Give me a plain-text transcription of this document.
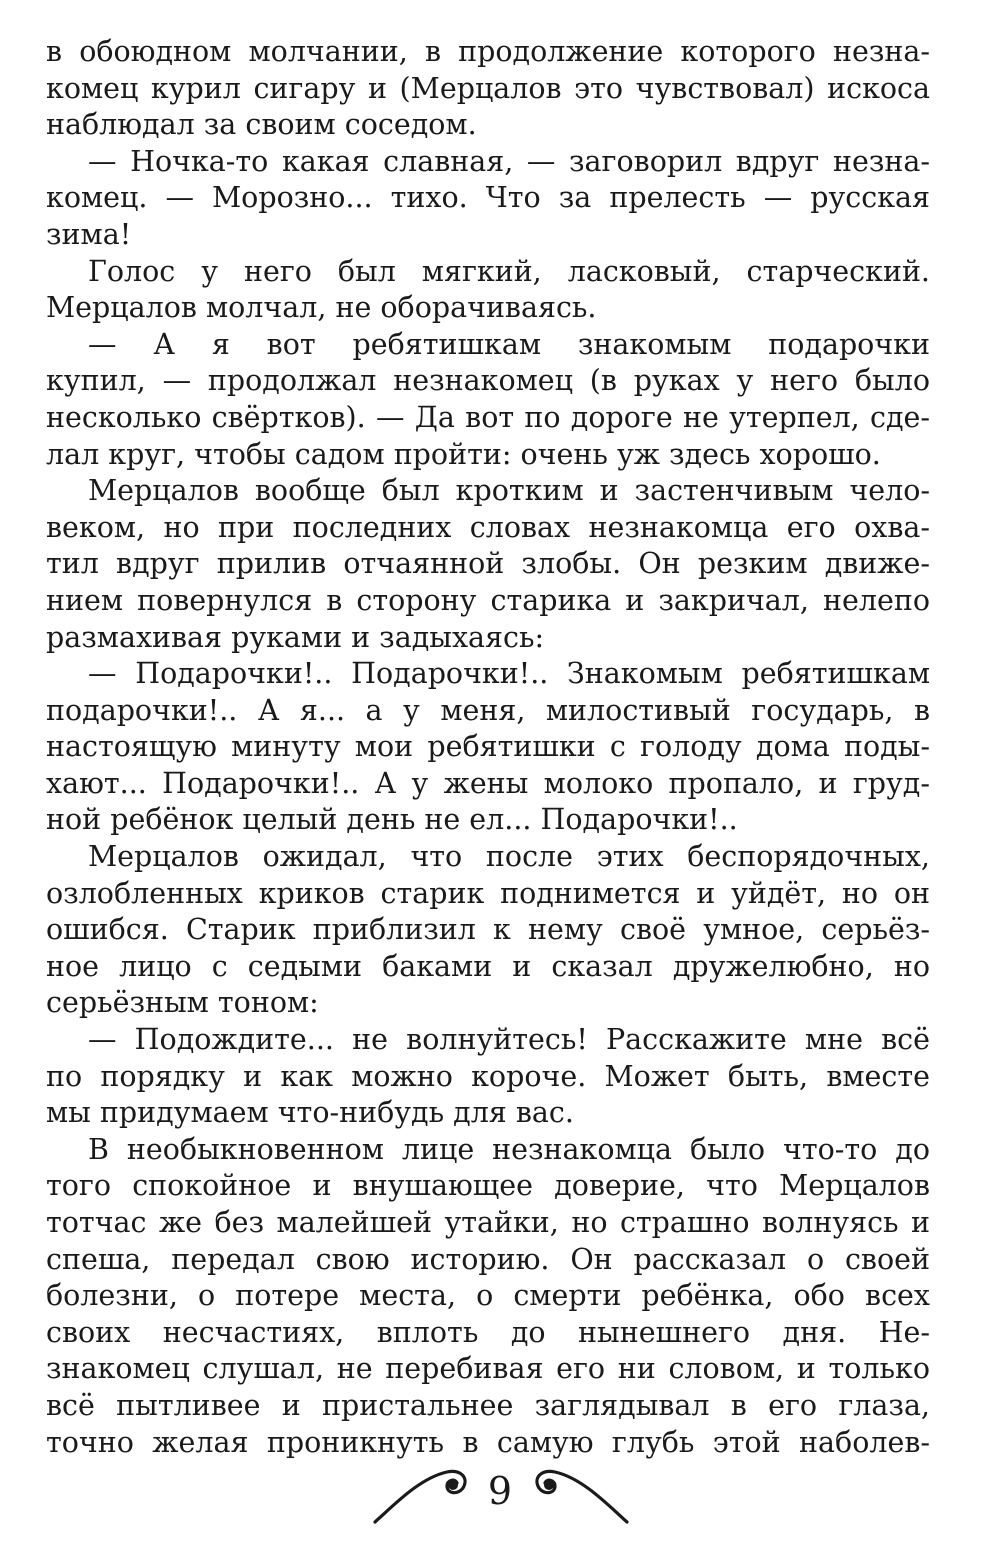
в обоюдном молчании, в продолжение которого незна-
комец курил сигару и (Мерцалов это чувствовал) искоса
наблюдал за своим соседом.
— Ночка-то какая славная, — заговорил вдруг незна-
комец. — Морозно... тихо. Что за прелесть — русская
зима!
Голос у него был мягкий, ласковый, старческий.
Мерцалов молчал, не оборачиваясь.
— А я вот ребятишкам знакомым подарочки
купил, — продолжал незнакомец (в руках у него было
несколько свёртков). — Да вот по дороге не утерпел, сде-
лал круг, чтобы садом пройти: очень уж здесь хорошо.
Мерцалов вообще был кротким и застенчивым чело-
веком, но при последних словах незнакомца его охва-
тил вдруг прилив отчаянной злобы. Он резким движе-
нием повернулся в сторону старика и закричал, нелепо
размахивая руками и задыхаясь:
— Подарочки!.. Подарочки!.. Знакомым ребятишкам
подарочки!.. А я... а у меня, милостивый государь, в
настоящую минуту мои ребятишки с голоду дома поды-
хают... Подарочки!.. А у жены молоко пропало, и груд-
ной ребёнок целый день не ел... Подарочки!..
Мерцалов ожидал, что после этих беспорядочных,
озлобленных криков старик поднимется и уйдёт, но он
ошибся. Старик приблизил к нему своё умное, серьёз-
ное лицо с седыми баками и сказал дружелюбно, но
серьёзным тоном:
— Подождите... не волнуйтесь! Расскажите мне всё
по порядку и как можно короче. Может быть, вместе
мы придумаем что-нибудь для вас.
В необыкновенном лице незнакомца было что-то до
того спокойное и внушающее доверие, что Мерцалов
тотчас же без малейшей утайки, но страшно волнуясь и
спеша, передал свою историю. Он рассказал о своей
болезни, о потере места, о смерти ребёнка, обо всех
своих несчастиях, вплоть до нынешнего дня. Не-
знакомец слушал, не перебивая его ни словом, и только
всё пытливее и пристальнее заглядывал в его глаза,
точно желая проникнуть в самую глубь этой наболев-
9
